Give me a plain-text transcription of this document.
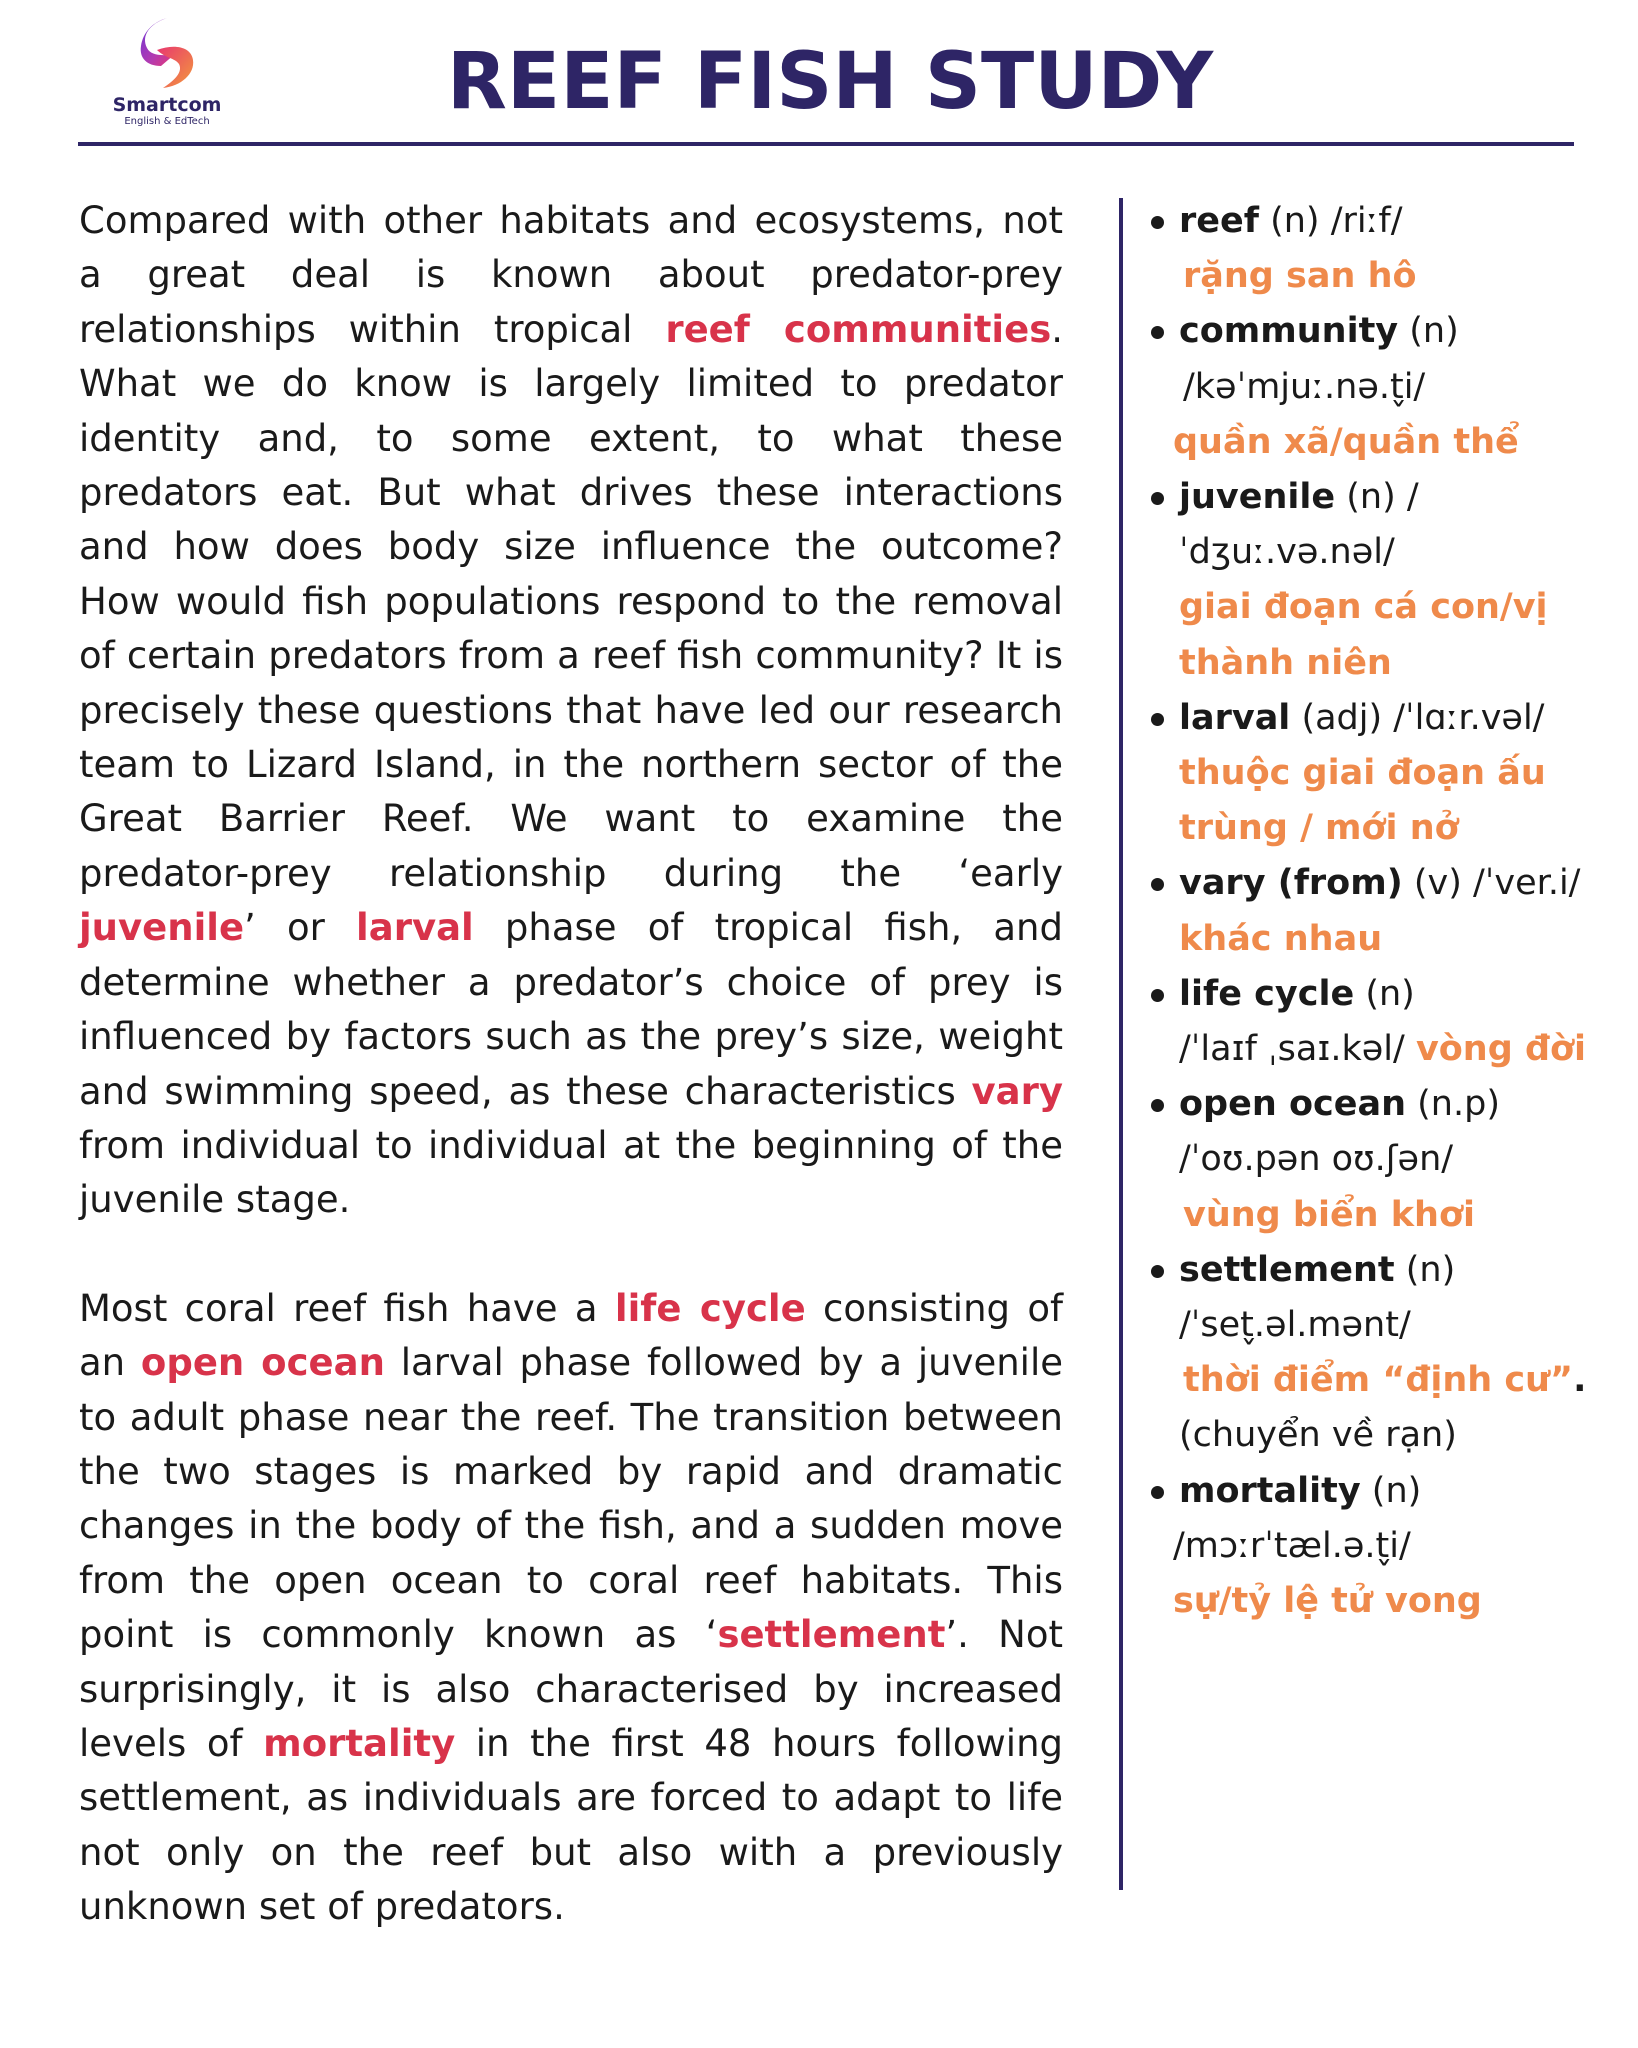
Smartcom
English & EdTech	REEF FISH STUDY

Compared with other habitats and ecosystems, not a great deal is known about predator-prey relationships within tropical reef communities. What we do know is largely limited to predator identity and, to some extent, to what these predators eat. But what drives these interactions and how does body size influence the outcome? How would fish populations respond to the removal of certain predators from a reef fish community? It is precisely these questions that have led our research team to Lizard Island, in the northern sector of the Great Barrier Reef. We want to examine the predator-prey relationship during the ‘early juvenile’ or larval phase of tropical fish, and determine whether a predator’s choice of prey is influenced by factors such as the prey’s size, weight and swimming speed, as these characteristics vary from individual to individual at the beginning of the juvenile stage.

Most coral reef fish have a life cycle consisting of an open ocean larval phase followed by a juvenile to adult phase near the reef. The transition between the two stages is marked by rapid and dramatic changes in the body of the fish, and a sudden move from the open ocean to coral reef habitats. This point is commonly known as ‘settlement’. Not surprisingly, it is also characterised by increased levels of mortality in the first 48 hours following settlement, as individuals are forced to adapt to life not only on the reef but also with a previously unknown set of predators.

reef (n) /riːf/
rặng san hô
community (n)
/kəˈmjuː.nə.t̬i/
quần xã/quần thể
juvenile (n) /ˈdʒuː.və.nəl/
giai đoạn cá con/vị thành niên
larval (adj) /ˈlɑːr.vəl/
thuộc giai đoạn ấu trùng / mới nở
vary (from) (v) /ˈver.i/
khác nhau
life cycle (n)
/ˈlaɪf ˌsaɪ.kəl/ vòng đời
open ocean (n.p)
/ˈoʊ.pən oʊ.ʃən/
vùng biển khơi
settlement (n)
/ˈset̬.əl.mənt/
thời điểm “định cư”.
(chuyển về rạn)
mortality (n)
/mɔːrˈtæl.ə.t̬i/
sự/tỷ lệ tử vong
